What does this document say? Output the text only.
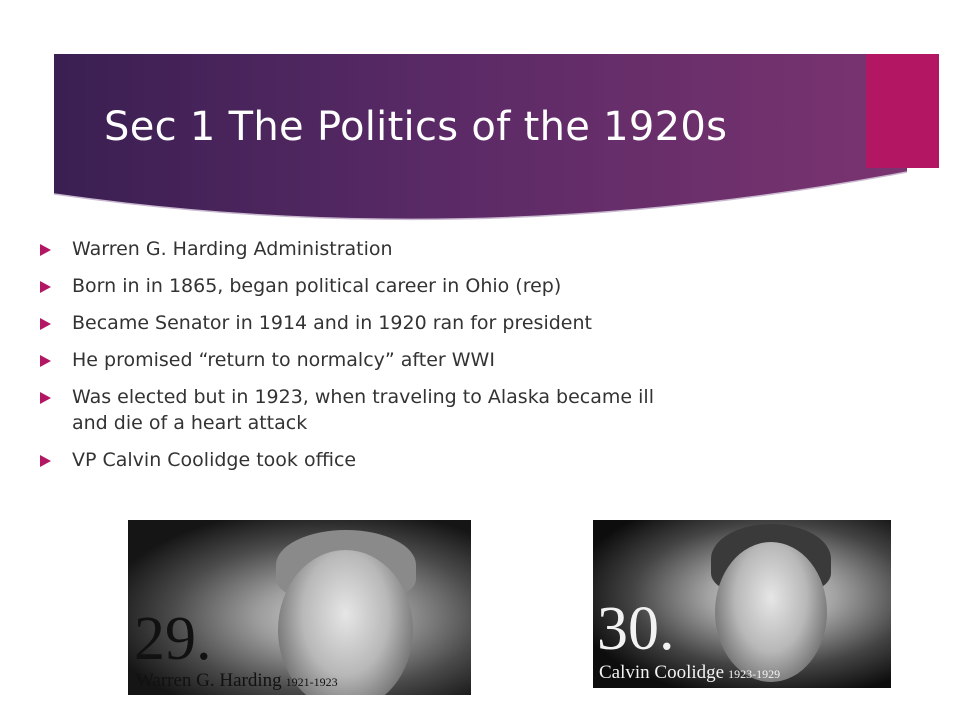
Sec 1 The Politics of the 1920s
Warren G. Harding Administration
Born in in 1865, began political career in Ohio (rep)
Became Senator in 1914 and in 1920 ran for president
He promised “return to normalcy” after WWI
Was elected but in 1923, when traveling to Alaska became ill and die of a heart attack
VP Calvin Coolidge took office
29.
Warren G. Harding 1921-1923
30.
Calvin Coolidge 1923-1929
